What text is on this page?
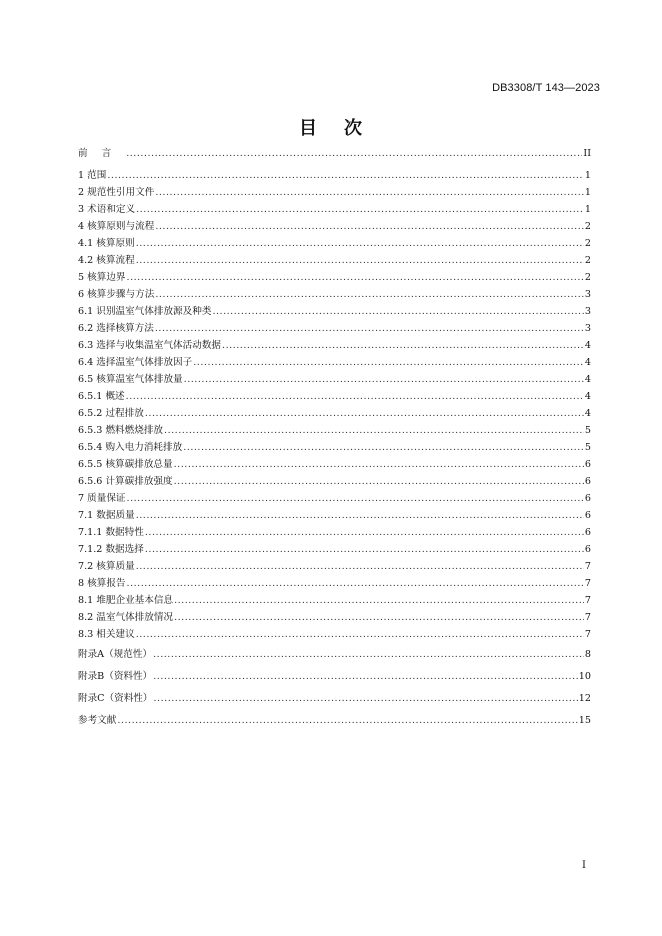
DB3308/T 143—2023
目 次
前言 .....	II
1 范围 .....	1
2 规范性引用文件 .....	1
3 术语和定义 .....	1
4 核算原则与流程 .....	2
4.1 核算原则 .....	2
4.2 核算流程 .....	2
5 核算边界 .....	2
6 核算步骤与方法 .....	3
6.1 识别温室气体排放源及种类 .....	3
6.2 选择核算方法 .....	3
6.3 选择与收集温室气体活动数据 .....	4
6.4 选择温室气体排放因子 .....	4
6.5 核算温室气体排放量 .....	4
6.5.1 概述 .....	4
6.5.2 过程排放 .....	4
6.5.3 燃料燃烧排放 .....	5
6.5.4 购入电力消耗排放 .....	5
6.5.5 核算碳排放总量 .....	6
6.5.6 计算碳排放强度 .....	6
7 质量保证 .....	6
7.1 数据质量 .....	6
7.1.1 数据特性 .....	6
7.1.2 数据选择 .....	6
7.2 核算质量 .....	7
8 核算报告 .....	7
8.1 堆肥企业基本信息 .....	7
8.2 温室气体排放情况 .....	7
8.3 相关建议 .....	7
附录A（规范性） .....	8
附录B（资料性） .....	10
附录C（资料性） .....	12
参考文献 .....	15
I
